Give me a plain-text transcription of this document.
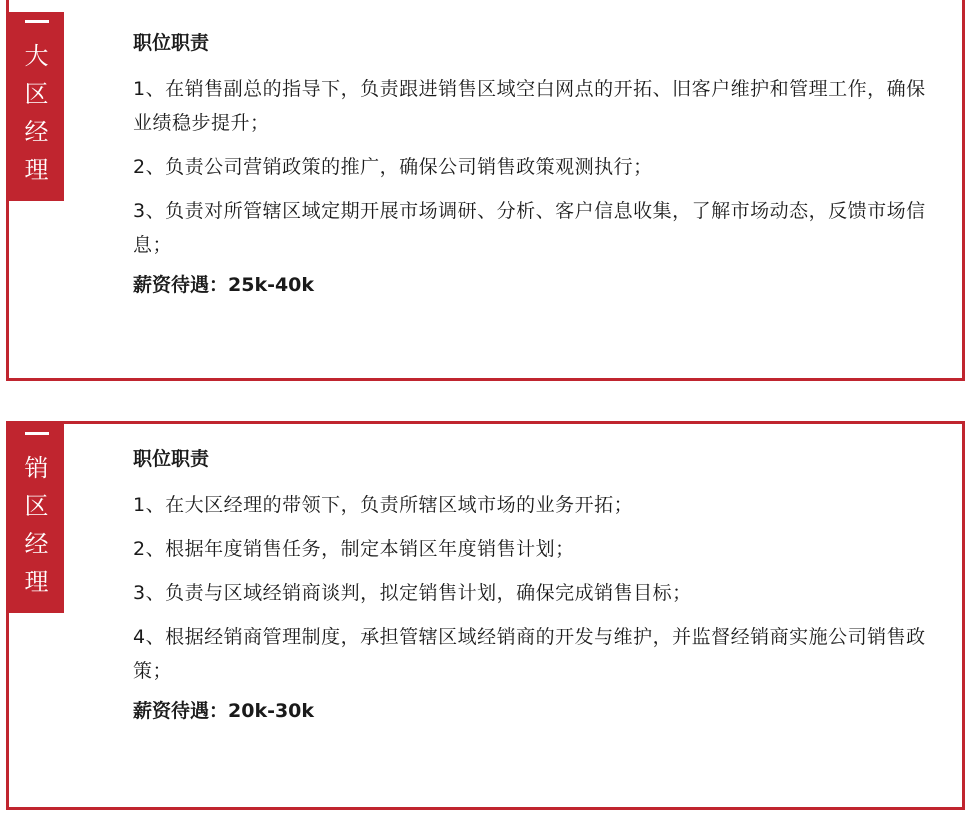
大
区
经
理
职位职责
1、在销售副总的指导下，负责跟进销售区域空白网点的开拓、旧客户维护和管理工作，确保业绩稳步提升；
2、负责公司营销政策的推广，确保公司销售政策观测执行；
3、负责对所管辖区域定期开展市场调研、分析、客户信息收集，了解市场动态，反馈市场信息；
薪资待遇：25k-40k
销
区
经
理
职位职责
1、在大区经理的带领下，负责所辖区域市场的业务开拓；
2、根据年度销售任务，制定本销区年度销售计划；
3、负责与区域经销商谈判，拟定销售计划，确保完成销售目标；
4、根据经销商管理制度，承担管辖区域经销商的开发与维护，并监督经销商实施公司销售政策；
薪资待遇：20k-30k
